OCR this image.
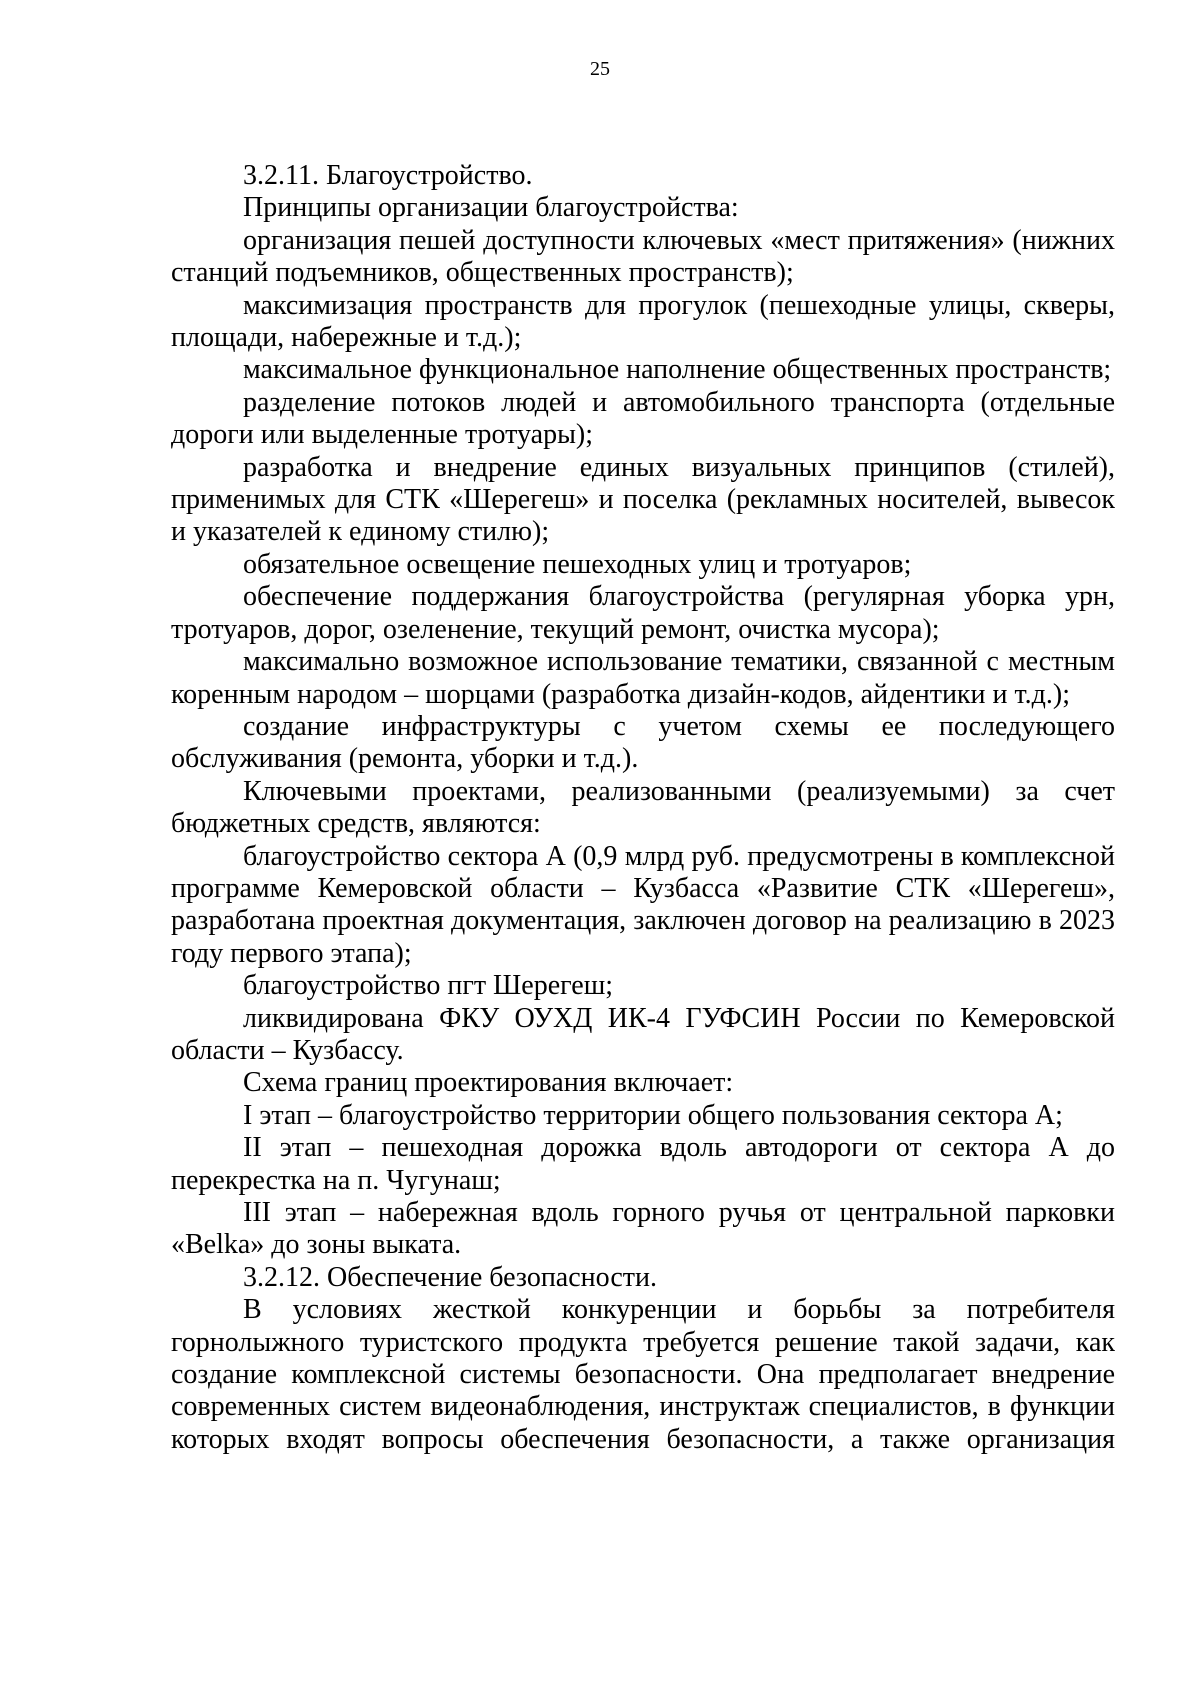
25

3.2.11. Благоустройство.

Принципы организации благоустройства:

организация пешей доступности ключевых «мест притяжения» (нижних станций подъемников, общественных пространств);

максимизация пространств для прогулок (пешеходные улицы, скверы, площади, набережные и т.д.);

максимальное функциональное наполнение общественных пространств;

разделение потоков людей и автомобильного транспорта (отдельные дороги или выделенные тротуары);

разработка и внедрение единых визуальных принципов (стилей), применимых для СТК «Шерегеш» и поселка (рекламных носителей, вывесок и указателей к единому стилю);

обязательное освещение пешеходных улиц и тротуаров;

обеспечение поддержания благоустройства (регулярная уборка урн, тротуаров, дорог, озеленение, текущий ремонт, очистка мусора);

максимально возможное использование тематики, связанной с местным коренным народом – шорцами (разработка дизайн-кодов, айдентики и т.д.);

создание инфраструктуры с учетом схемы ее последующего обслуживания (ремонта, уборки и т.д.).

Ключевыми проектами, реализованными (реализуемыми) за счет бюджетных средств, являются:

благоустройство сектора А (0,9 млрд руб. предусмотрены в комплексной программе Кемеровской области – Кузбасса «Развитие СТК «Шерегеш», разработана проектная документация, заключен договор на реализацию в 2023 году первого этапа);

благоустройство пгт Шерегеш;

ликвидирована ФКУ ОУХД ИК-4 ГУФСИН России по Кемеровской области – Кузбассу.

Схема границ проектирования включает:

I этап – благоустройство территории общего пользования сектора А;

II этап – пешеходная дорожка вдоль автодороги от сектора А до перекрестка на п. Чугунаш;

III этап – набережная вдоль горного ручья от центральной парковки «Belka» до зоны выката.

3.2.12. Обеспечение безопасности.

В условиях жесткой конкуренции и борьбы за потребителя горнолыжного туристского продукта требуется решение такой задачи, как создание комплексной системы безопасности. Она предполагает внедрение современных систем видеонаблюдения, инструктаж специалистов, в функции которых входят вопросы обеспечения безопасности, а также организация
